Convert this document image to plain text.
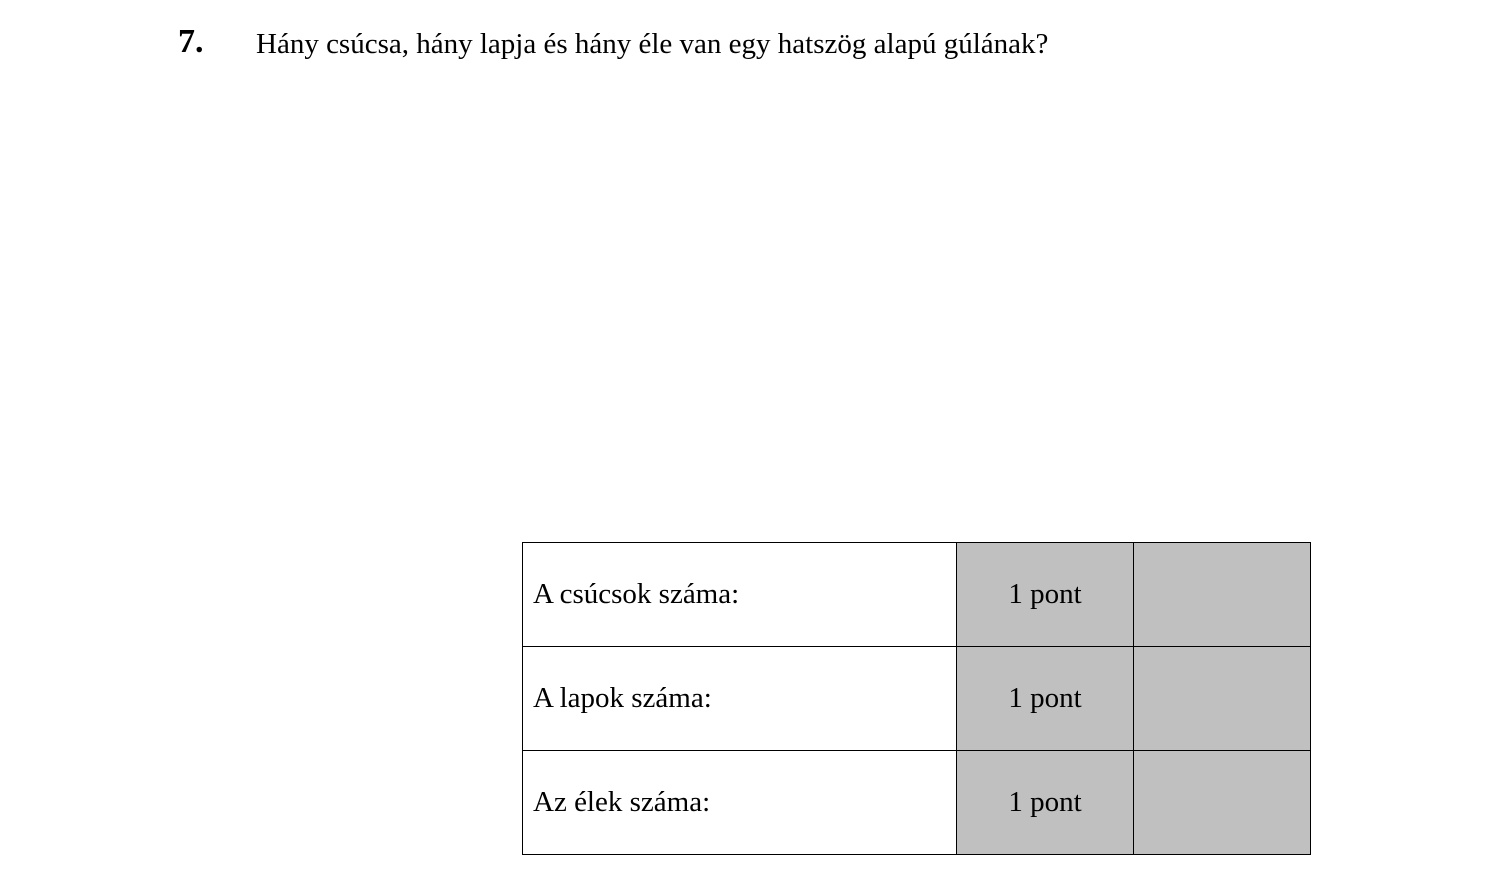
7. Hány csúcsa, hány lapja és hány éle van egy hatszög alapú gúlának?
A csúcsok száma:	1 pont	
A lapok száma:	1 pont	
Az élek száma:	1 pont	
